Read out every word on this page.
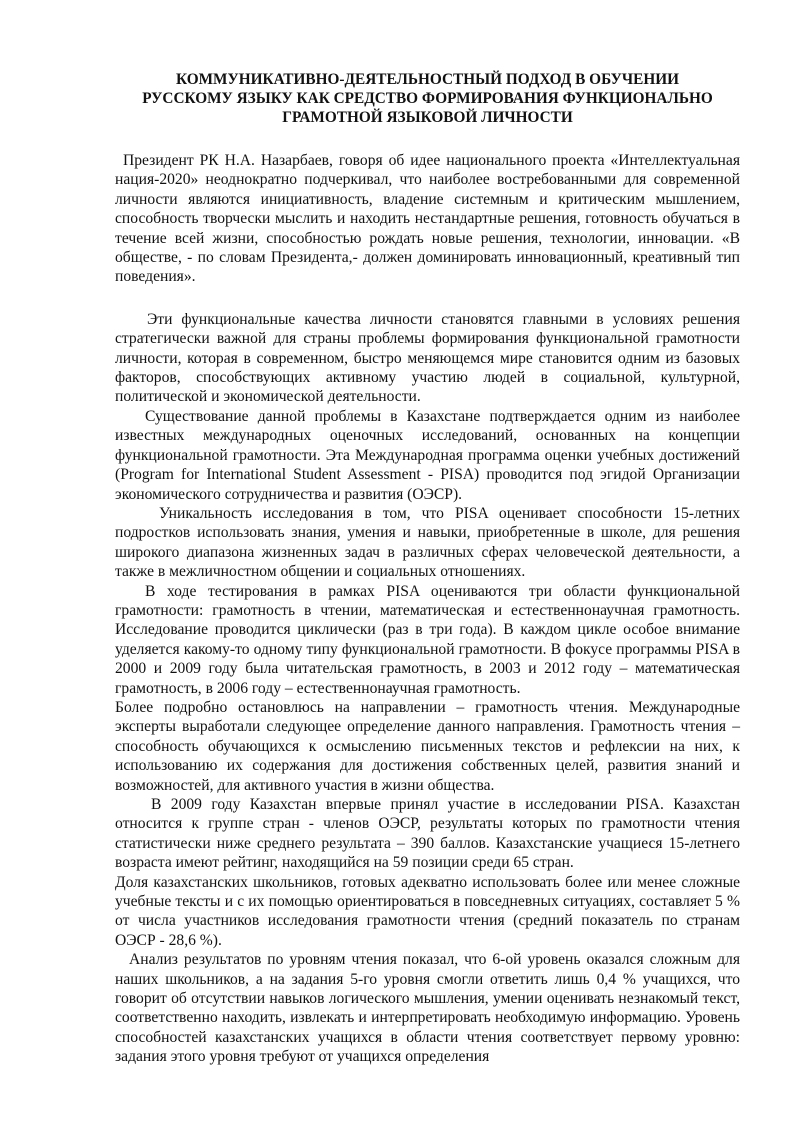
КОММУНИКАТИВНО-ДЕЯТЕЛЬНОСТНЫЙ ПОДХОД В ОБУЧЕНИИ
РУССКОМУ ЯЗЫКУ КАК СРЕДСТВО ФОРМИРОВАНИЯ ФУНКЦИОНАЛЬНО
ГРАМОТНОЙ ЯЗЫКОВОЙ ЛИЧНОСТИ

Президент РК Н.А. Назарбаев, говоря об идее национального проекта «Интеллектуальная нация-2020» неоднократно подчеркивал, что наиболее востребованными для современной личности являются инициативность, владение системным и критическим мышлением, способность творчески мыслить и находить нестандартные решения, готовность обучаться в течение всей жизни, способностью рождать новые решения, технологии, инновации. «В обществе, - по словам Президента,- должен доминировать инновационный, креативный тип поведения».

Эти функциональные качества личности становятся главными в условиях решения стратегически важной для страны проблемы формирования функциональной грамотности личности, которая в современном, быстро меняющемся мире становится одним из базовых факторов, способствующих активному участию людей в социальной, культурной, политической и экономической деятельности.

Существование данной проблемы в Казахстане подтверждается одним из наиболее известных международных оценочных исследований, основанных на концепции функциональной грамотности. Эта Международная программа оценки учебных достижений (Program for International Student Assessment - PISA) проводится под эгидой Организации экономического сотрудничества и развития (ОЭСР).

Уникальность исследования в том, что PISA оценивает способности 15-летних подростков использовать знания, умения и навыки, приобретенные в школе, для решения широкого диапазона жизненных задач в различных сферах человеческой деятельности, а также в межличностном общении и социальных отношениях.

В ходе тестирования в рамках PISA оцениваются три области функциональной грамотности: грамотность в чтении, математическая и естественнонаучная грамотность. Исследование проводится циклически (раз в три года). В каждом цикле особое внимание уделяется какому-то одному типу функциональной грамотности. В фокусе программы PISA в 2000 и 2009 году была читательская грамотность, в 2003 и 2012 году – математическая грамотность, в 2006 году – естественнонаучная грамотность.

Более подробно остановлюсь на направлении – грамотность чтения. Международные эксперты выработали следующее определение данного направления. Грамотность чтения – способность обучающихся к осмыслению письменных текстов и рефлексии на них, к использованию их содержания для достижения собственных целей, развития знаний и возможностей, для активного участия в жизни общества.

В 2009 году Казахстан впервые принял участие в исследовании PISA. Казахстан относится к группе стран - членов ОЭСР, результаты которых по грамотности чтения статистически ниже среднего результата – 390 баллов. Казахстанские учащиеся 15-летнего возраста имеют рейтинг, находящийся на 59 позиции среди 65 стран.

Доля казахстанских школьников, готовых адекватно использовать более или менее сложные учебные тексты и с их помощью ориентироваться в повседневных ситуациях, составляет 5 % от числа участников исследования грамотности чтения (средний показатель по странам ОЭСР - 28,6 %).

Анализ результатов по уровням чтения показал, что 6-ой уровень оказался сложным для наших школьников, а на задания 5-го уровня смогли ответить лишь 0,4 % учащихся, что говорит об отсутствии навыков логического мышления, умении оценивать незнакомый текст, соответственно находить, извлекать и интерпретировать необходимую информацию. Уровень способностей казахстанских учащихся в области чтения соответствует первому уровню: задания этого уровня требуют от учащихся определения
